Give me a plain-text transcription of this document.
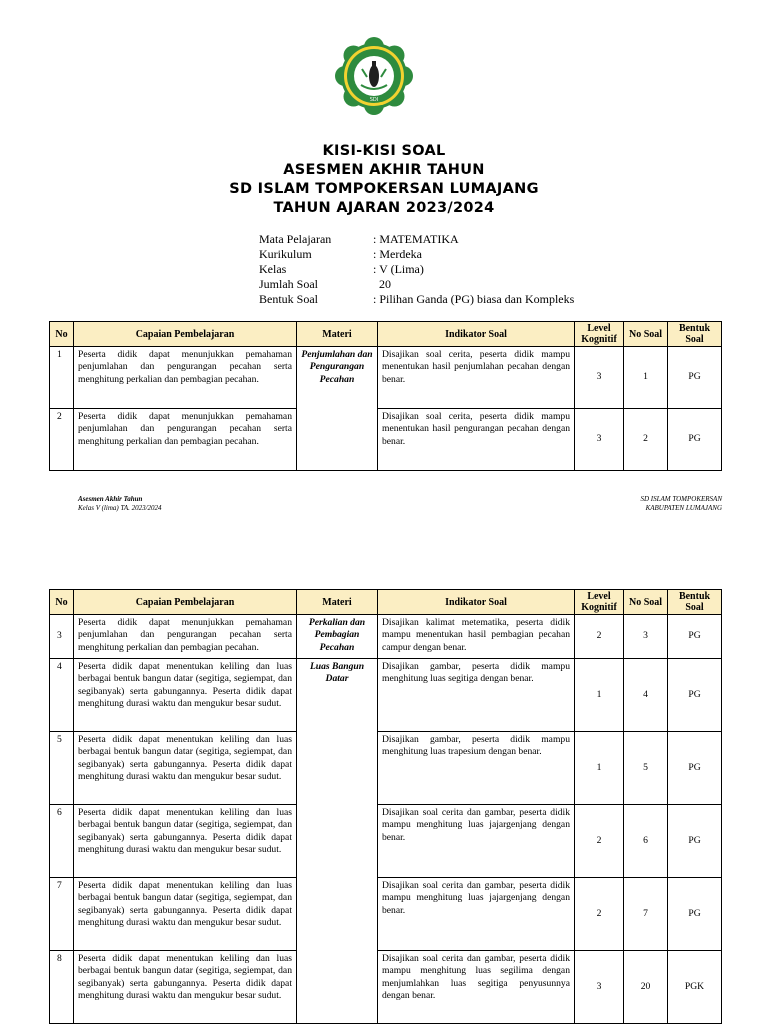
SDI
KISI-KISI SOAL
ASESMEN AKHIR TAHUN
SD ISLAM TOMPOKERSAN LUMAJANG
TAHUN AJARAN 2023/2024
Mata Pelajaran	: MATEMATIKA
Kurikulum	: Merdeka
Kelas	: V (Lima)
Jumlah Soal	20
Bentuk Soal	: Pilihan Ganda (PG) biasa dan Kompleks
No	Capaian Pembelajaran	Materi	Indikator Soal	Level Kognitif	No Soal	Bentuk Soal
1	Peserta didik dapat menunjukkan pemahaman penjumlahan dan pengurangan pecahan serta menghitung perkalian dan pembagian pecahan.	Penjumlahan dan Pengurangan Pecahan	Disajikan soal cerita, peserta didik mampu menentukan hasil penjumlahan pecahan dengan benar.	3	1	PG
2	Peserta didik dapat menunjukkan pemahaman penjumlahan dan pengurangan pecahan serta menghitung perkalian dan pembagian pecahan.		Disajikan soal cerita, peserta didik mampu menentukan hasil pengurangan pecahan dengan benar.	3	2	PG
Asesmen Akhir Tahun
Kelas V (lima) TA. 2023/2024
SD ISLAM TOMPOKERSAN
KABUPATEN LUMAJANG
No	Capaian Pembelajaran	Materi	Indikator Soal	Level Kognitif	No Soal	Bentuk Soal
3	Peserta didik dapat menunjukkan pemahaman penjumlahan dan pengurangan pecahan serta menghitung perkalian dan pembagian pecahan.	Perkalian dan Pembagian Pecahan	Disajikan kalimat metematika, peserta didik mampu menentukan hasil pembagian pecahan campur dengan benar.	2	3	PG
4	Peserta didik dapat menentukan keliling dan luas berbagai bentuk bangun datar (segitiga, segiempat, dan segibanyak) serta gabungannya. Peserta didik dapat menghitung durasi waktu dan mengukur besar sudut.	Luas Bangun Datar	Disajikan gambar, peserta didik mampu menghitung luas segitiga dengan benar.	1	4	PG
5	Peserta didik dapat menentukan keliling dan luas berbagai bentuk bangun datar (segitiga, segiempat, dan segibanyak) serta gabungannya. Peserta didik dapat menghitung durasi waktu dan mengukur besar sudut.		Disajikan gambar, peserta didik mampu menghitung luas trapesium dengan benar.	1	5	PG
6	Peserta didik dapat menentukan keliling dan luas berbagai bentuk bangun datar (segitiga, segiempat, dan segibanyak) serta gabungannya. Peserta didik dapat menghitung durasi waktu dan mengukur besar sudut.		Disajikan soal cerita dan gambar, peserta didik mampu menghitung luas jajargenjang dengan benar.	2	6	PG
7	Peserta didik dapat menentukan keliling dan luas berbagai bentuk bangun datar (segitiga, segiempat, dan segibanyak) serta gabungannya. Peserta didik dapat menghitung durasi waktu dan mengukur besar sudut.		Disajikan soal cerita dan gambar, peserta didik mampu menghitung luas jajargenjang dengan benar.	2	7	PG
8	Peserta didik dapat menentukan keliling dan luas berbagai bentuk bangun datar (segitiga, segiempat, dan segibanyak) serta gabungannya. Peserta didik dapat menghitung durasi waktu dan mengukur besar sudut.		Disajikan soal cerita dan gambar, peserta didik mampu menghitung luas segilima dengan menjumlahkan luas segitiga penyusunnya dengan benar.	3	20	PGK
